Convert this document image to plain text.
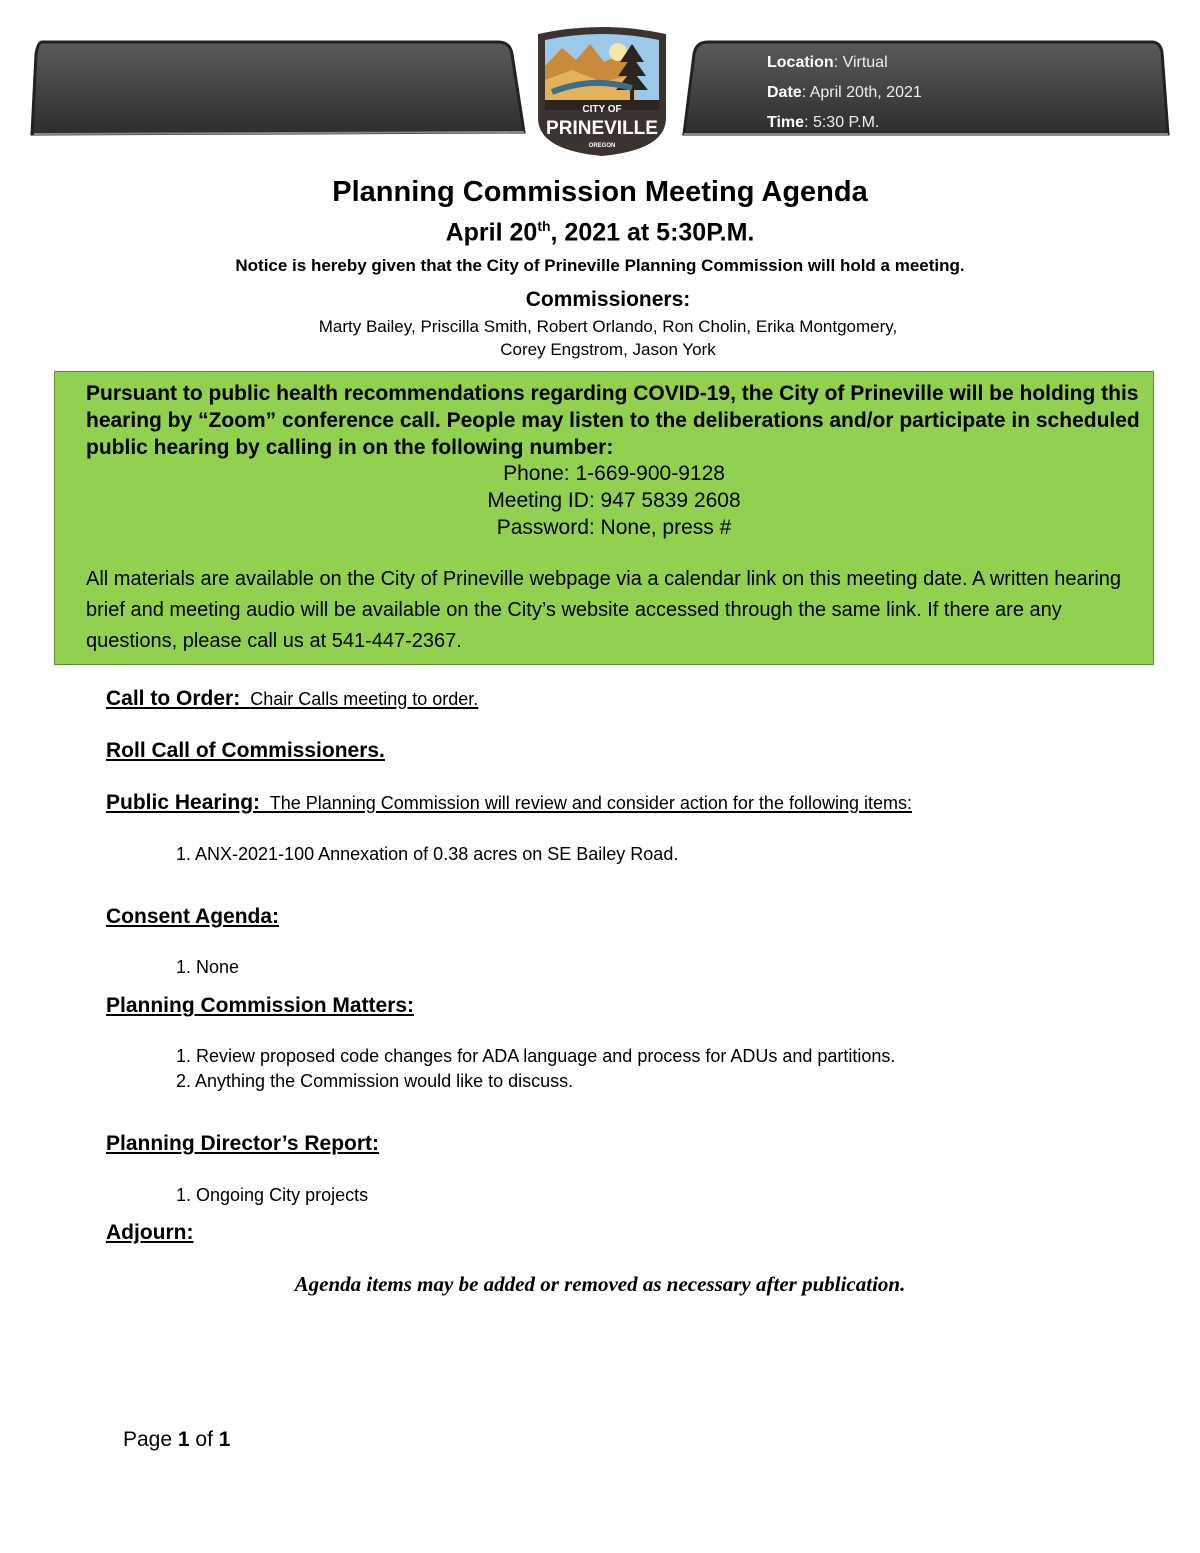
Location: Virtual
Date: April 20th, 2021
Time: 5:30 P.M.
CITY OF
PRINEVILLE
OREGON
Planning Commission Meeting Agenda
April 20th, 2021 at 5:30P.M.
Notice is hereby given that the City of Prineville Planning Commission will hold a meeting.
Commissioners:
Marty Bailey, Priscilla Smith, Robert Orlando, Ron Cholin, Erika Montgomery,
Corey Engstrom, Jason York
Pursuant to public health recommendations regarding COVID-19, the City of Prineville will be holding this hearing by “Zoom” conference call. People may listen to the deliberations and/or participate in scheduled public hearing by calling in on the following number:
Phone: 1-669-900-9128
Meeting ID: 947 5839 2608
Password: None, press #
All materials are available on the City of Prineville webpage via a calendar link on this meeting date. A written hearing brief and meeting audio will be available on the City’s website accessed through the same link. If there are any questions, please call us at 541-447-2367.
Call to Order: Chair Calls meeting to order.
Roll Call of Commissioners.
Public Hearing: The Planning Commission will review and consider action for the following items:
1. ANX-2021-100 Annexation of 0.38 acres on SE Bailey Road.
Consent Agenda:
1. None
Planning Commission Matters:
1. Review proposed code changes for ADA language and process for ADUs and partitions.
2. Anything the Commission would like to discuss.
Planning Director’s Report:
1. Ongoing City projects
Adjourn:
Agenda items may be added or removed as necessary after publication.
Page 1 of 1
